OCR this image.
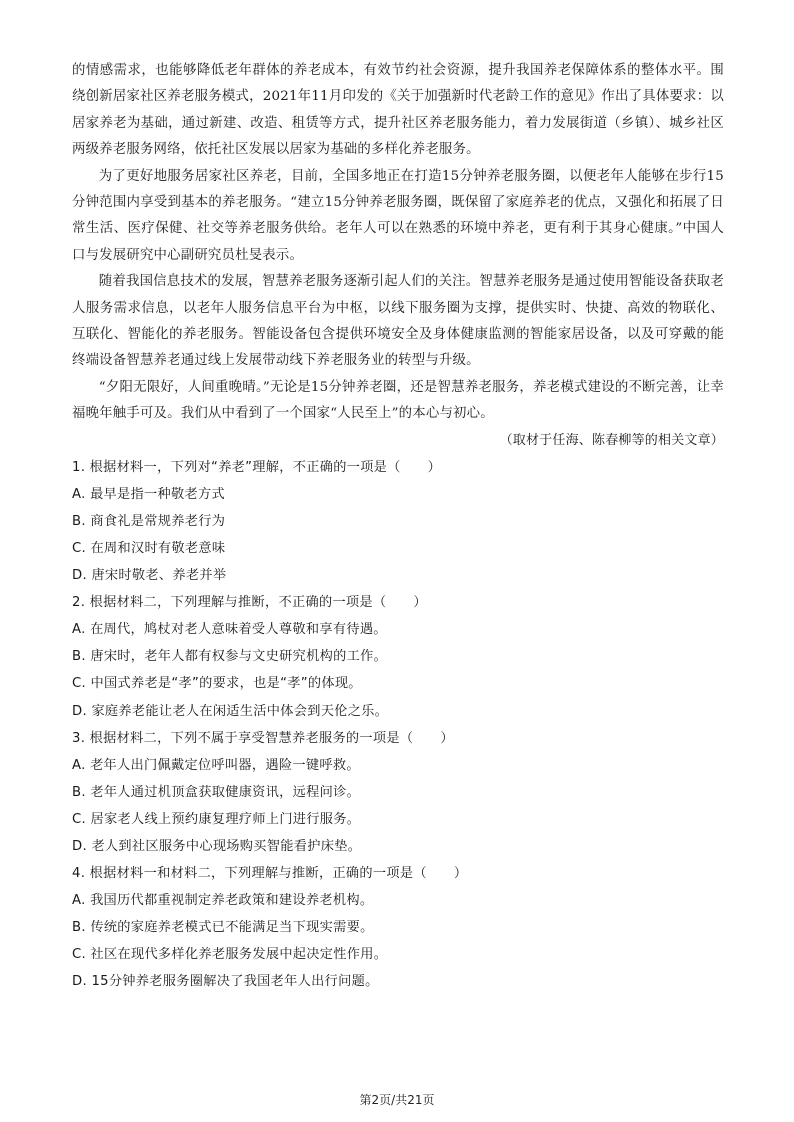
的情感需求，也能够降低老年群体的养老成本，有效节约社会资源，提升我国养老保障体系的整体水平。围绕创新居家社区养老服务模式，2021年11月印发的《关于加强新时代老龄工作的意见》作出了具体要求：以居家养老为基础，通过新建、改造、租赁等方式，提升社区养老服务能力，着力发展街道（乡镇）、城乡社区两级养老服务网络，依托社区发展以居家为基础的多样化养老服务。

为了更好地服务居家社区养老，目前，全国多地正在打造15分钟养老服务圈，以便老年人能够在步行15分钟范围内享受到基本的养老服务。“建立15分钟养老服务圈，既保留了家庭养老的优点，又强化和拓展了日常生活、医疗保健、社交等养老服务供给。老年人可以在熟悉的环境中养老，更有利于其身心健康。”中国人口与发展研究中心副研究员杜旻表示。

随着我国信息技术的发展，智慧养老服务逐渐引起人们的关注。智慧养老服务是通过使用智能设备获取老人服务需求信息，以老年人服务信息平台为中枢，以线下服务圈为支撑，提供实时、快捷、高效的物联化、互联化、智能化的养老服务。智能设备包含提供环境安全及身体健康监测的智能家居设备，以及可穿戴的能终端设备智慧养老通过线上发展带动线下养老服务业的转型与升级。

“夕阳无限好，人间重晚晴。”无论是15分钟养老圈，还是智慧养老服务，养老模式建设的不断完善，让幸福晚年触手可及。我们从中看到了一个国家“人民至上”的本心与初心。

（取材于任海、陈春柳等的相关文章）

1. 根据材料一，下列对“养老”理解，不正确的一项是（　　）

A. 最早是指一种敬老方式

B. 商食礼是常规养老行为

C. 在周和汉时有敬老意味

D. 唐宋时敬老、养老并举

2. 根据材料二，下列理解与推断，不正确的一项是（　　）

A. 在周代，鸠杖对老人意味着受人尊敬和享有待遇。

B. 唐宋时，老年人都有权参与文史研究机构的工作。

C. 中国式养老是“孝”的要求，也是“孝”的体现。

D. 家庭养老能让老人在闲适生活中体会到天伦之乐。

3. 根据材料二，下列不属于享受智慧养老服务的一项是（　　）

A. 老年人出门佩戴定位呼叫器，遇险一键呼救。

B. 老年人通过机顶盒获取健康资讯，远程问诊。

C. 居家老人线上预约康复理疗师上门进行服务。

D. 老人到社区服务中心现场购买智能看护床垫。

4. 根据材料一和材料二，下列理解与推断，正确的一项是（　　）

A. 我国历代都重视制定养老政策和建设养老机构。

B. 传统的家庭养老模式已不能满足当下现实需要。

C. 社区在现代多样化养老服务发展中起决定性作用。

D. 15分钟养老服务圈解决了我国老年人出行问题。

第2页/共21页
